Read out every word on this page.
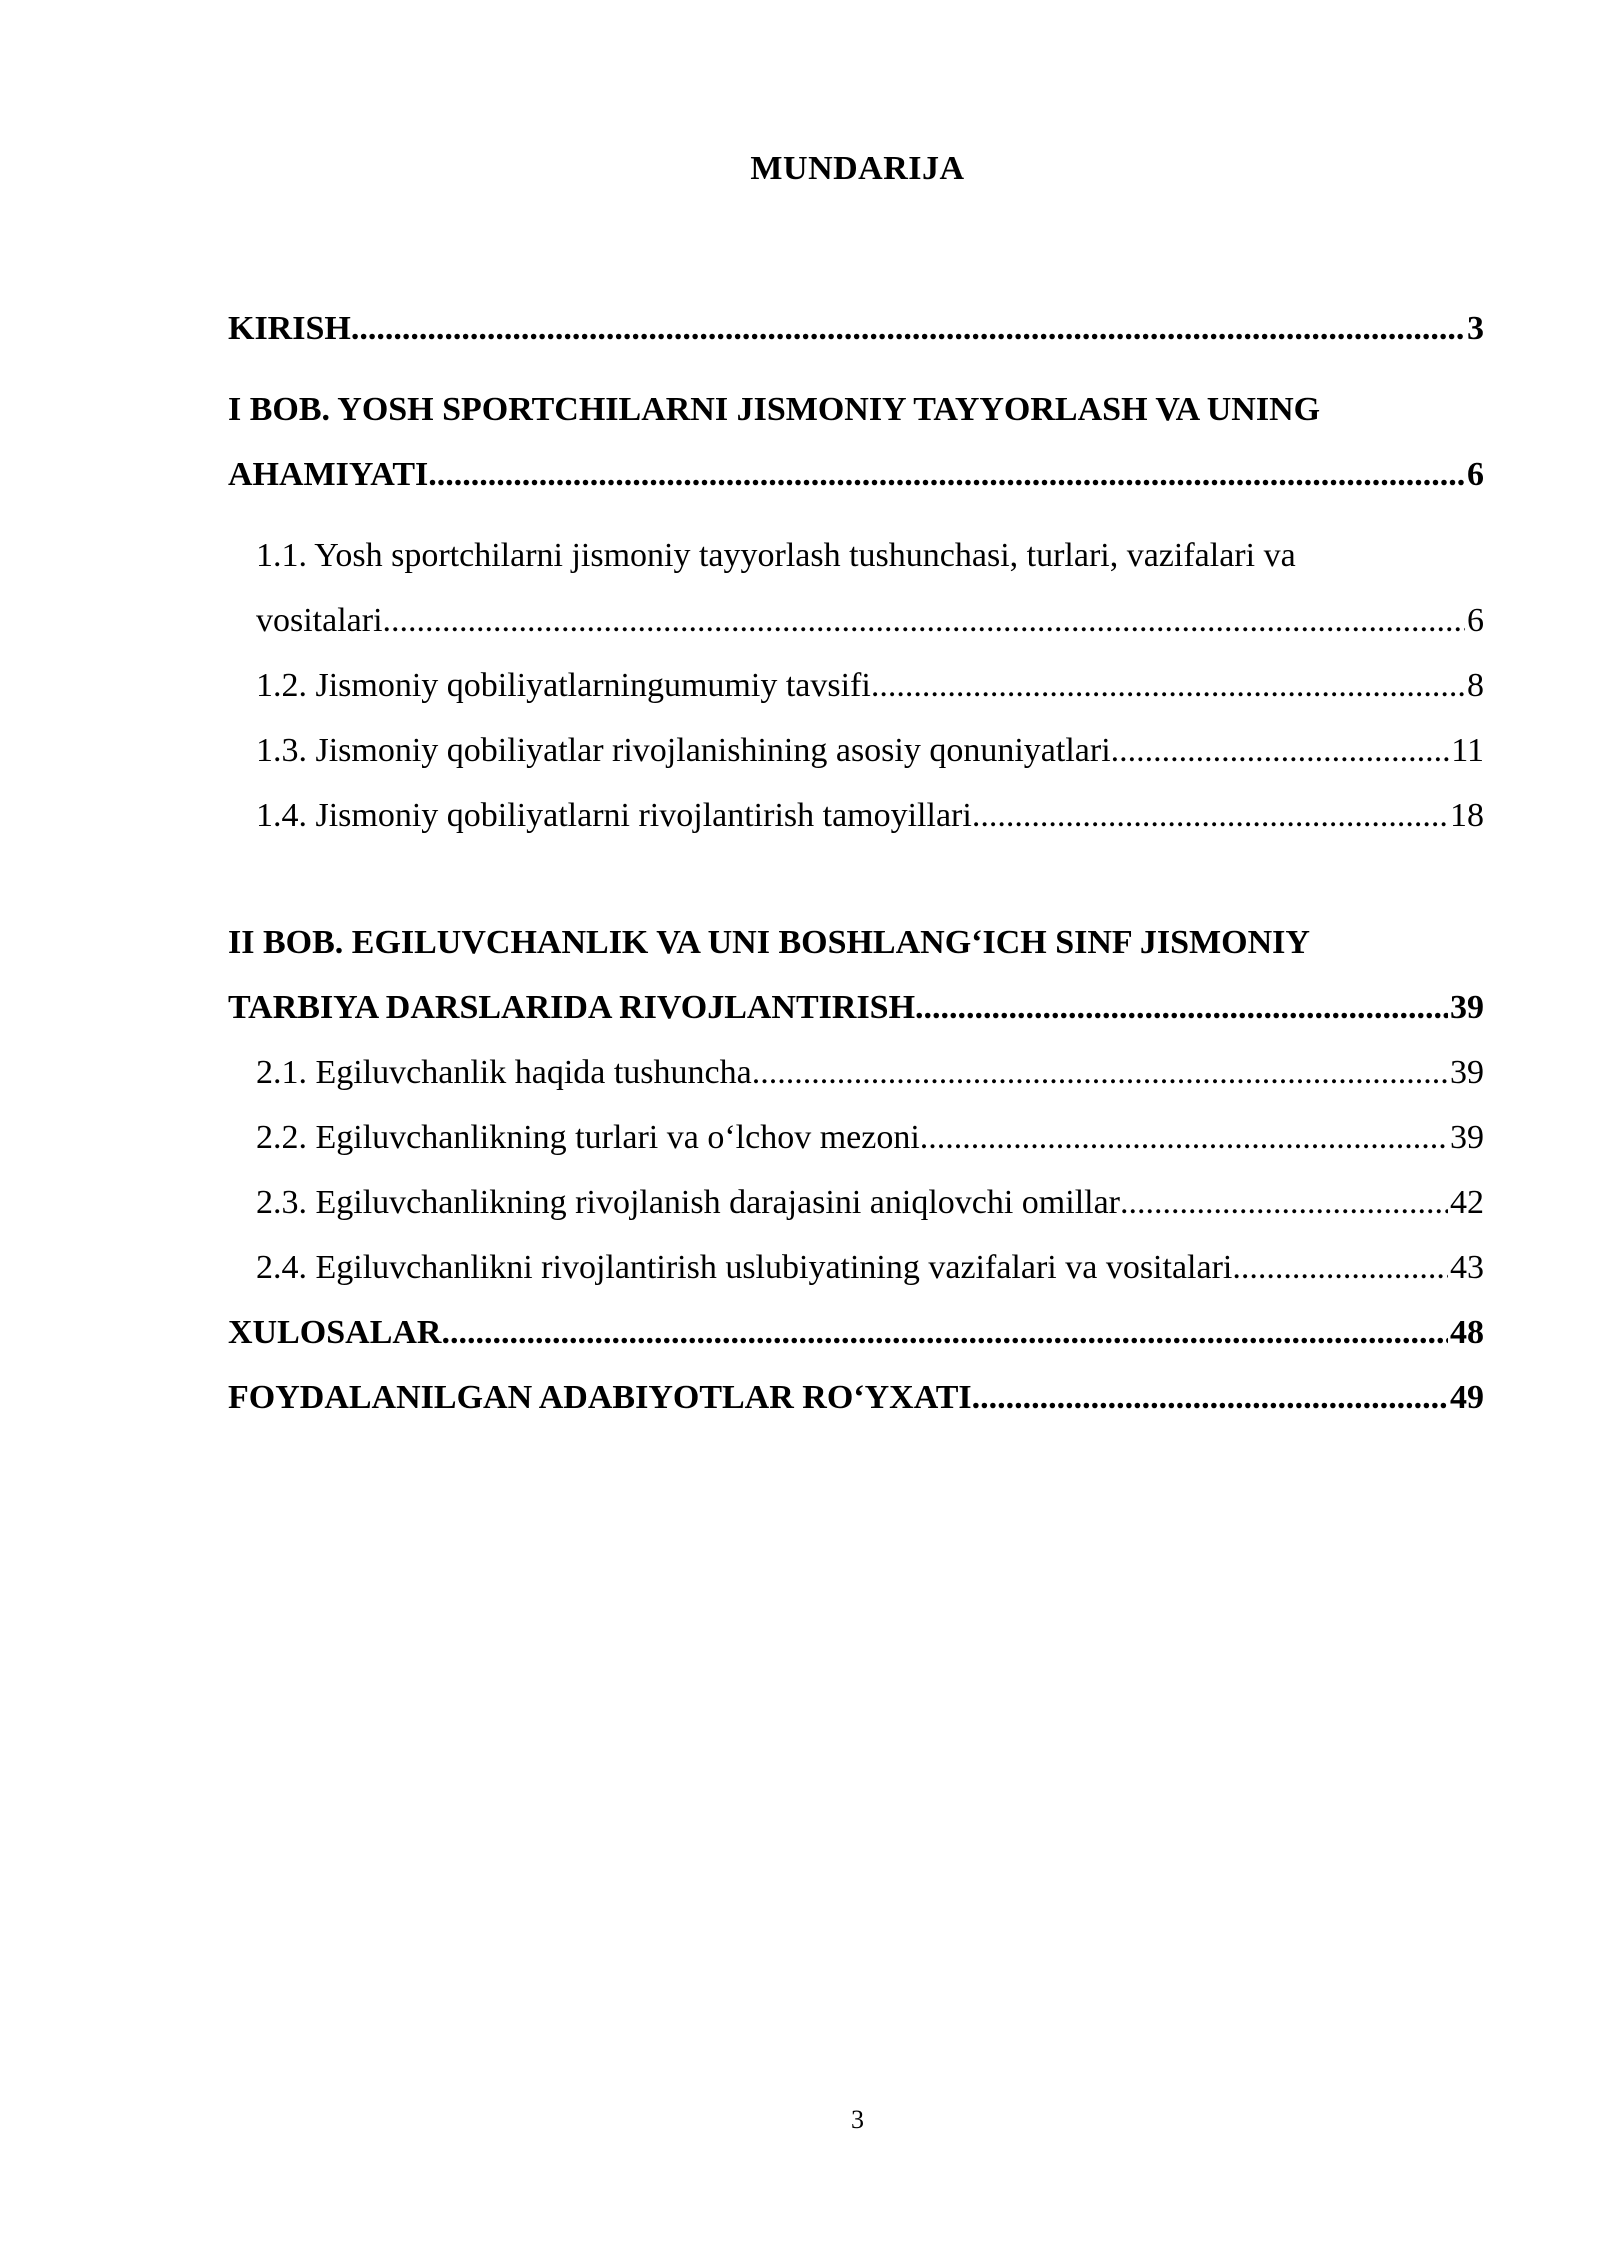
MUNDARIJA
KIRISH .....	3
I BOB. YOSH SPORTCHILARNI JISMONIY TAYYORLASH VA UNING
AHAMIYATI .....	6
1.1. Yosh sportchilarni jismoniy tayyorlash tushunchasi, turlari, vazifalari va
vositalari .....	6
1.2. Jismoniy qobiliyatlarningumumiy tavsifi .....	8
1.3. Jismoniy qobiliyatlar rivojlanishining asosiy qonuniyatlari .....	11
1.4. Jismoniy qobiliyatlarni rivojlantirish tamoyillari .....	18
II BOB. EGILUVCHANLIK VA UNI BOSHLANG‘ICH SINF JISMONIY
TARBIYA DARSLARIDA RIVOJLANTIRISH .....	39
2.1. Egiluvchanlik haqida tushuncha .....	39
2.2. Egiluvchanlikning turlari va o‘lchov mezoni .....	39
2.3. Egiluvchanlikning rivojlanish darajasini aniqlovchi omillar .....	42
2.4. Egiluvchanlikni rivojlantirish uslubiyatining vazifalari va vositalari .....	43
XULOSALAR .....	48
FOYDALANILGAN ADABIYOTLAR RO‘YXATI .....	49
3
